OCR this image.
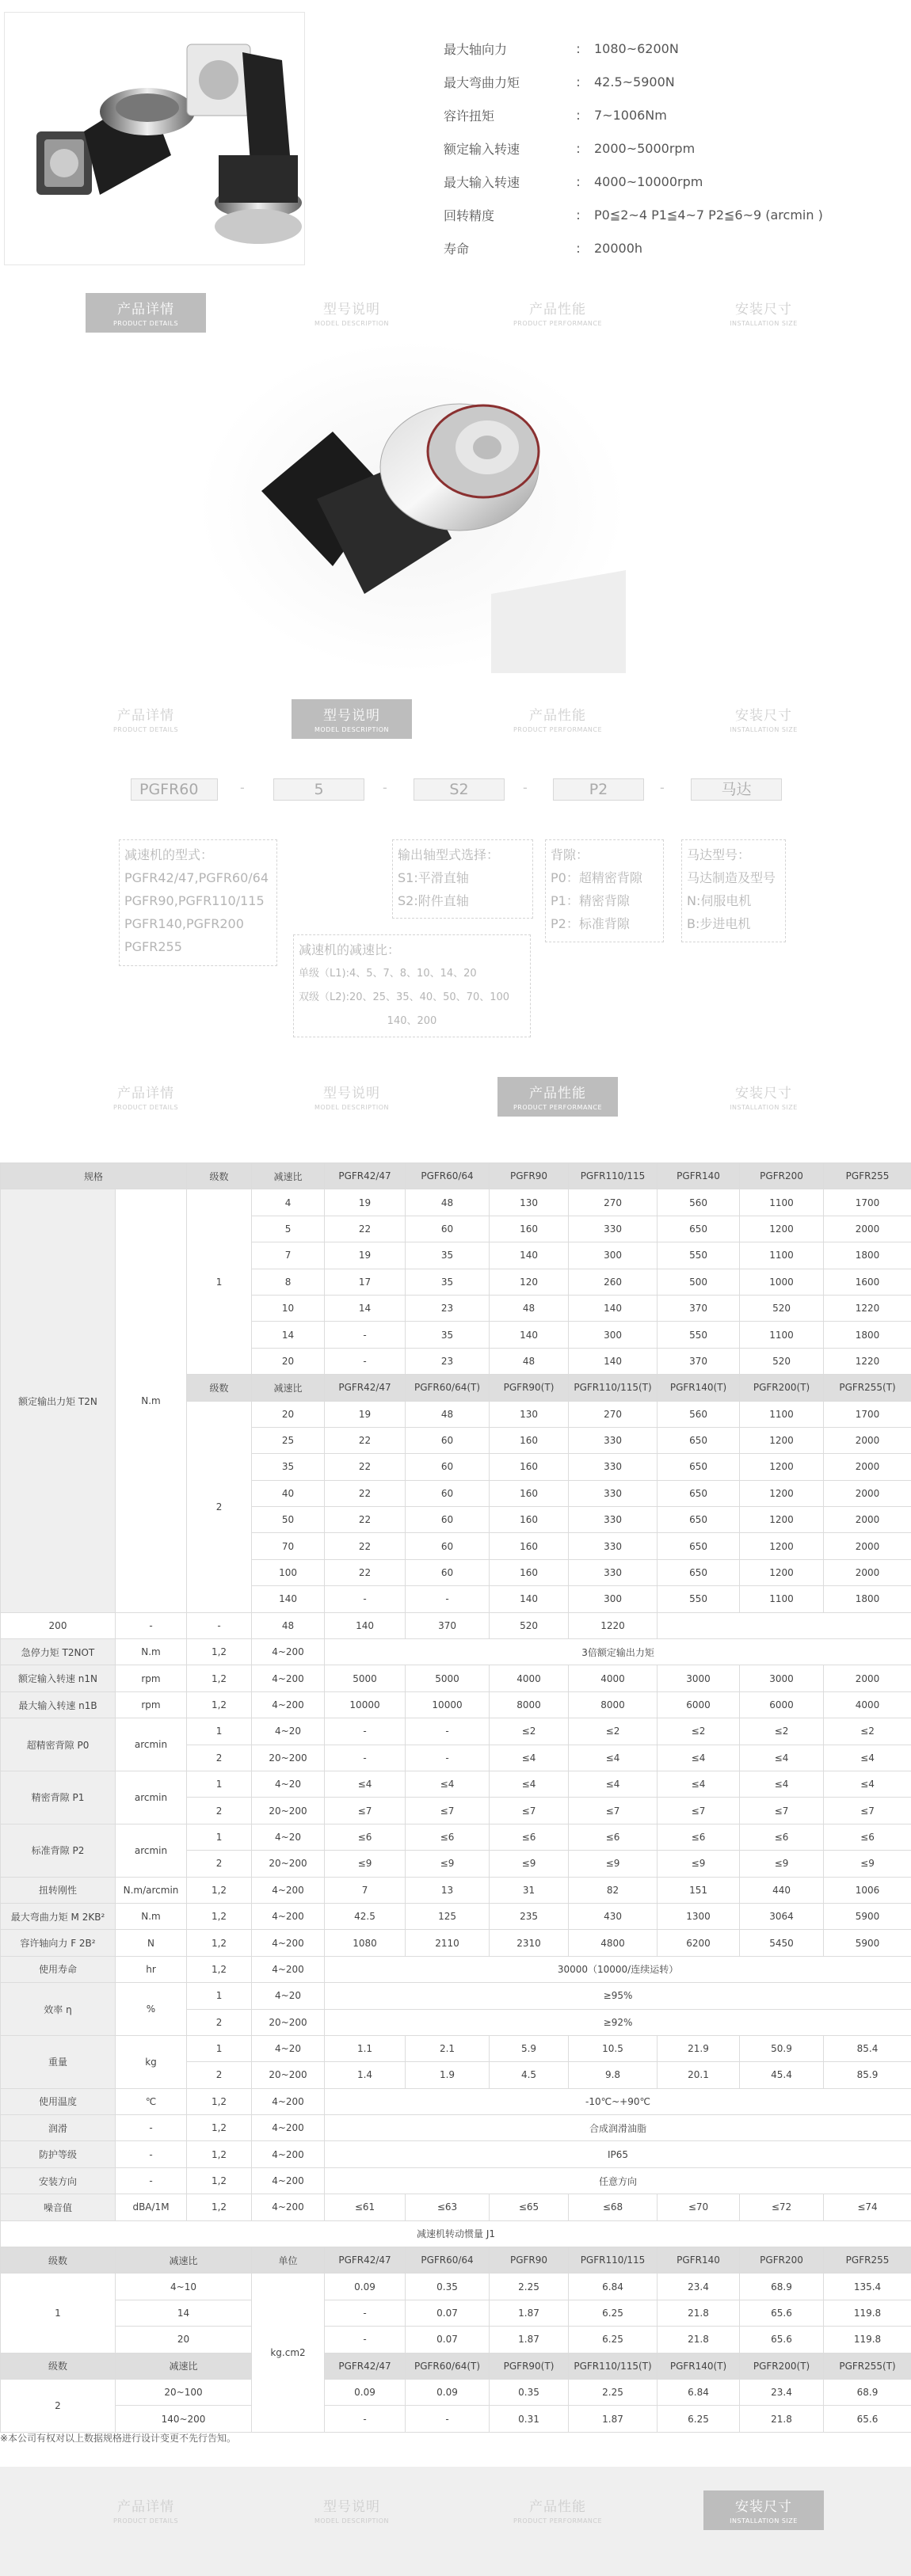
最大轴向力	:	1080~6200N
最大弯曲力矩	:	42.5~5900N
容许扭矩	:	7~1006Nm
额定输入转速	:	2000~5000rpm
最大输入转速	:	4000~10000rpm
回转精度	:	P0≦2~4 P1≦4~7 P2≦6~9 (arcmin )
寿命	:	20000h
产品详情
PRODUCT DETAILS
型号说明
MODEL DESCRIPTION
产品性能
PRODUCT PERFORMANCE
安装尺寸
INSTALLATION SIZE
产品详情
PRODUCT DETAILS
型号说明
MODEL DESCRIPTION
产品性能
PRODUCT PERFORMANCE
安装尺寸
INSTALLATION SIZE
PGFR60	-	5	-	S2	-	P2	-	马达
减速机的型式：
PGFR42/47,PGFR60/64
PGFR90,PGFR110/115
PGFR140,PGFR200
PGFR255
输出轴型式选择：
S1:平滑直轴
S2:附件直轴
背隙：
P0：超精密背隙
P1：精密背隙
P2：标准背隙
马达型号：
马达制造及型号
N:伺服电机
B:步进电机
减速机的减速比：
单级（L1):4、5、7、8、10、14、20
双级（L2):20、25、35、40、50、70、100
140、200
产品详情
PRODUCT DETAILS
型号说明
MODEL DESCRIPTION
产品性能
PRODUCT PERFORMANCE
安装尺寸
INSTALLATION SIZE
规格		级数	减速比	PGFR42/47	PGFR60/64	PGFR90	PGFR110/115	PGFR140	PGFR200	PGFR255
额定输出力矩 T2N	N.m	1	4	19	48	130	270	560	1100	1700
			5	22	60	160	330	650	1200	2000
			7	19	35	140	300	550	1100	1800
			8	17	35	120	260	500	1000	1600
			10	14	23	48	140	370	520	1220
			14	-	35	140	300	550	1100	1800
			20	-	23	48	140	370	520	1220
		级数	减速比	PGFR42/47	PGFR60/64(T)	PGFR90(T)	PGFR110/115(T)	PGFR140(T)	PGFR200(T)	PGFR255(T)
		2	20	19	48	130	270	560	1100	1700
			25	22	60	160	330	650	1200	2000
			35	22	60	160	330	650	1200	2000
			40	22	60	160	330	650	1200	2000
			50	22	60	160	330	650	1200	2000
			70	22	60	160	330	650	1200	2000
			100	22	60	160	330	650	1200	2000
			140	-	-	140	300	550	1100	1800
200	-	-	48	140	370	520	1220			
急停力矩 T2NOT	N.m	1,2	4~200	3倍额定输出力矩						
额定输入转速 n1N	rpm	1,2	4~200	5000	5000	4000	4000	3000	3000	2000
最大输入转速 n1B	rpm	1,2	4~200	10000	10000	8000	8000	6000	6000	4000
超精密背隙 P0	arcmin	1	4~20	-	-	≤2	≤2	≤2	≤2	≤2
		2	20~200	-	-	≤4	≤4	≤4	≤4	≤4
精密背隙 P1	arcmin	1	4~20	≤4	≤4	≤4	≤4	≤4	≤4	≤4
		2	20~200	≤7	≤7	≤7	≤7	≤7	≤7	≤7
标准背隙 P2	arcmin	1	4~20	≤6	≤6	≤6	≤6	≤6	≤6	≤6
		2	20~200	≤9	≤9	≤9	≤9	≤9	≤9	≤9
扭转刚性	N.m/arcmin	1,2	4~200	7	13	31	82	151	440	1006
最大弯曲力矩 M 2KB²	N.m	1,2	4~200	42.5	125	235	430	1300	3064	5900
容许轴向力 F 2B²	N	1,2	4~200	1080	2110	2310	4800	6200	5450	5900
使用寿命	hr	1,2	4~200	30000（10000/连续运转）						
效率 η	%	1	4~20	≥95%						
		2	20~200	≥92%						
重量	kg	1	4~20	1.1	2.1	5.9	10.5	21.9	50.9	85.4
		2	20~200	1.4	1.9	4.5	9.8	20.1	45.4	85.9
使用温度	℃	1,2	4~200	-10℃~+90℃						
润滑	-	1,2	4~200	合成润滑油脂						
防护等级	-	1,2	4~200	IP65						
安装方向	-	1,2	4~200	任意方向						
噪音值	dBA/1M	1,2	4~200	≤61	≤63	≤65	≤68	≤70	≤72	≤74
减速机转动惯量 J1										
级数	减速比		单位	PGFR42/47	PGFR60/64	PGFR90	PGFR110/115	PGFR140	PGFR200	PGFR255
1	4~10		kg.cm2	0.09	0.35	2.25	6.84	23.4	68.9	135.4
	14			-	0.07	1.87	6.25	21.8	65.6	119.8
	20			-	0.07	1.87	6.25	21.8	65.6	119.8
级数	减速比			PGFR42/47	PGFR60/64(T)	PGFR90(T)	PGFR110/115(T)	PGFR140(T)	PGFR200(T)	PGFR255(T)
2	20~100			0.09	0.09	0.35	2.25	6.84	23.4	68.9
	140~200			-	-	0.31	1.87	6.25	21.8	65.6
※本公司有权对以上数据规格进行设计变更不先行告知。
产品详情
PRODUCT DETAILS
型号说明
MODEL DESCRIPTION
产品性能
PRODUCT PERFORMANCE
安装尺寸
INSTALLATION SIZE
